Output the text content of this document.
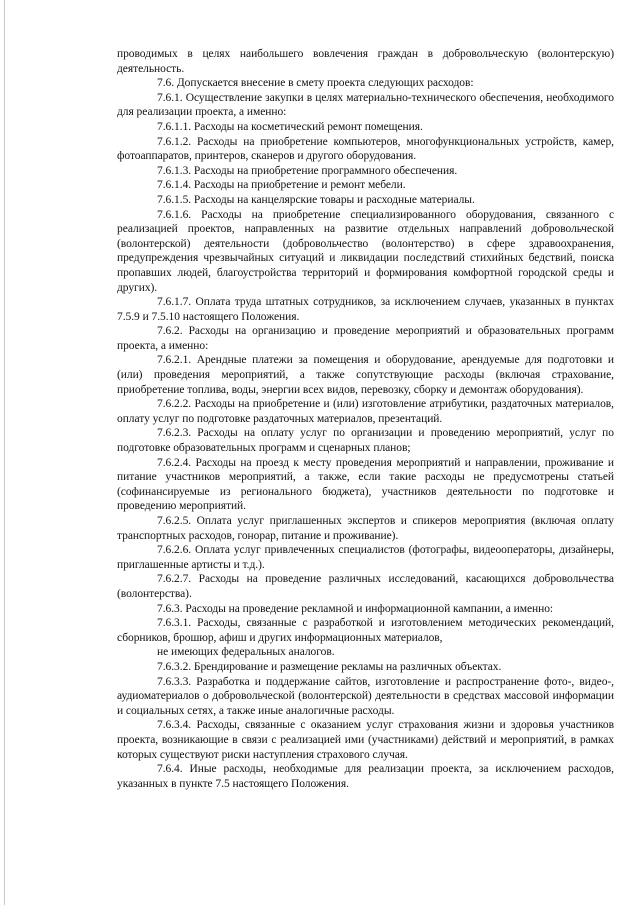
проводимых в целях наибольшего вовлечения граждан в добровольческую (волонтерскую) деятельность.

7.6. Допускается внесение в смету проекта следующих расходов:

7.6.1. Осуществление закупки в целях материально-технического обеспечения, необходимого для реализации проекта, а именно:

7.6.1.1. Расходы на косметический ремонт помещения.

7.6.1.2. Расходы на приобретение компьютеров, многофункциональных устройств, камер, фотоаппаратов, принтеров, сканеров и другого оборудования.

7.6.1.3. Расходы на приобретение программного обеспечения.

7.6.1.4. Расходы на приобретение и ремонт мебели.

7.6.1.5. Расходы на канцелярские товары и расходные материалы.

7.6.1.6. Расходы на приобретение специализированного оборудования, связанного с реализацией проектов, направленных на развитие отдельных направлений добровольческой (волонтерской) деятельности (добровольчество (волонтерство) в сфере здравоохранения, предупреждения чрезвычайных ситуаций и ликвидации последствий стихийных бедствий, поиска пропавших людей, благоустройства территорий и формирования комфортной городской среды и других).

7.6.1.7. Оплата труда штатных сотрудников, за исключением случаев, указанных в пунктах 7.5.9 и 7.5.10 настоящего Положения.

7.6.2. Расходы на организацию и проведение мероприятий и образовательных программ проекта, а именно:

7.6.2.1. Арендные платежи за помещения и оборудование, арендуемые для подготовки и (или) проведения мероприятий, а также сопутствующие расходы (включая страхование, приобретение топлива, воды, энергии всех видов, перевозку, сборку и демонтаж оборудования).

7.6.2.2. Расходы на приобретение и (или) изготовление атрибутики, раздаточных материалов, оплату услуг по подготовке раздаточных материалов, презентаций.

7.6.2.3. Расходы на оплату услуг по организации и проведению мероприятий, услуг по подготовке образовательных программ и сценарных планов;

7.6.2.4. Расходы на проезд к месту проведения мероприятий и направлении, проживание и питание участников мероприятий, а также, если такие расходы не предусмотрены статьей (софинансируемые из регионального бюджета), участников деятельности по подготовке и проведению мероприятий.

7.6.2.5. Оплата услуг приглашенных экспертов и спикеров мероприятия (включая оплату транспортных расходов, гонорар, питание и проживание).

7.6.2.6. Оплата услуг привлеченных специалистов (фотографы, видеооператоры, дизайнеры, приглашенные артисты и т.д.).

7.6.2.7. Расходы на проведение различных исследований, касающихся добровольчества (волонтерства).

7.6.3. Расходы на проведение рекламной и информационной кампании, а именно:

7.6.3.1. Расходы, связанные с разработкой и изготовлением методических рекомендаций, сборников, брошюр, афиш и других информационных материалов,

не имеющих федеральных аналогов.

7.6.3.2. Брендирование и размещение рекламы на различных объектах.

7.6.3.3. Разработка и поддержание сайтов, изготовление и распространение фото-, видео-, аудиоматериалов о добровольческой (волонтерской) деятельности в средствах массовой информации и социальных сетях, а также иные аналогичные расходы.

7.6.3.4. Расходы, связанные с оказанием услуг страхования жизни и здоровья участников проекта, возникающие в связи с реализацией ими (участниками) действий и мероприятий, в рамках которых существуют риски наступления страхового случая.

7.6.4. Иные расходы, необходимые для реализации проекта, за исключением расходов, указанных в пункте 7.5 настоящего Положения.
